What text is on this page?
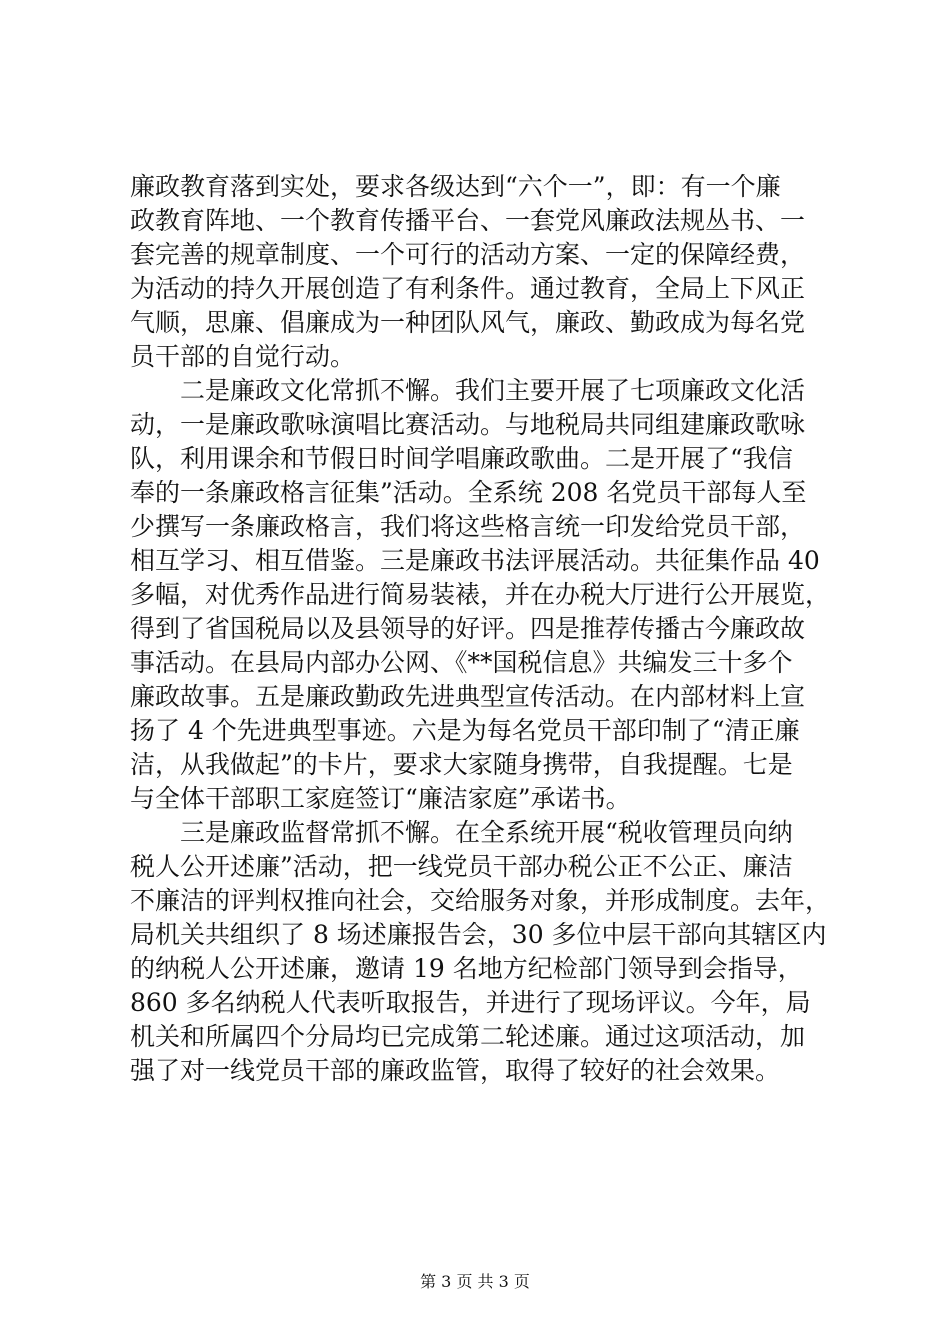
廉政教育落到实处，要求各级达到“六个一”，即：有一个廉
政教育阵地、一个教育传播平台、一套党风廉政法规丛书、一
套完善的规章制度、一个可行的活动方案、一定的保障经费，
为活动的持久开展创造了有利条件。通过教育，全局上下风正
气顺，思廉、倡廉成为一种团队风气，廉政、勤政成为每名党
员干部的自觉行动。
　　二是廉政文化常抓不懈。我们主要开展了七项廉政文化活
动，一是廉政歌咏演唱比赛活动。与地税局共同组建廉政歌咏
队，利用课余和节假日时间学唱廉政歌曲。二是开展了“我信
奉的一条廉政格言征集”活动。全系统 208 名党员干部每人至
少撰写一条廉政格言，我们将这些格言统一印发给党员干部，
相互学习、相互借鉴。三是廉政书法评展活动。共征集作品 40
多幅，对优秀作品进行简易装裱，并在办税大厅进行公开展览，
得到了省国税局以及县领导的好评。四是推荐传播古今廉政故
事活动。在县局内部办公网、《**国税信息》共编发三十多个
廉政故事。五是廉政勤政先进典型宣传活动。在内部材料上宣
扬了 4 个先进典型事迹。六是为每名党员干部印制了“清正廉
洁，从我做起”的卡片，要求大家随身携带，自我提醒。七是
与全体干部职工家庭签订“廉洁家庭”承诺书。
　　三是廉政监督常抓不懈。在全系统开展“税收管理员向纳
税人公开述廉”活动，把一线党员干部办税公正不公正、廉洁
不廉洁的评判权推向社会，交给服务对象，并形成制度。去年，
局机关共组织了 8 场述廉报告会，30 多位中层干部向其辖区内
的纳税人公开述廉，邀请 19 名地方纪检部门领导到会指导，
860 多名纳税人代表听取报告，并进行了现场评议。今年，局
机关和所属四个分局均已完成第二轮述廉。通过这项活动，加
强了对一线党员干部的廉政监管，取得了较好的社会效果。
第 3 页 共 3 页
